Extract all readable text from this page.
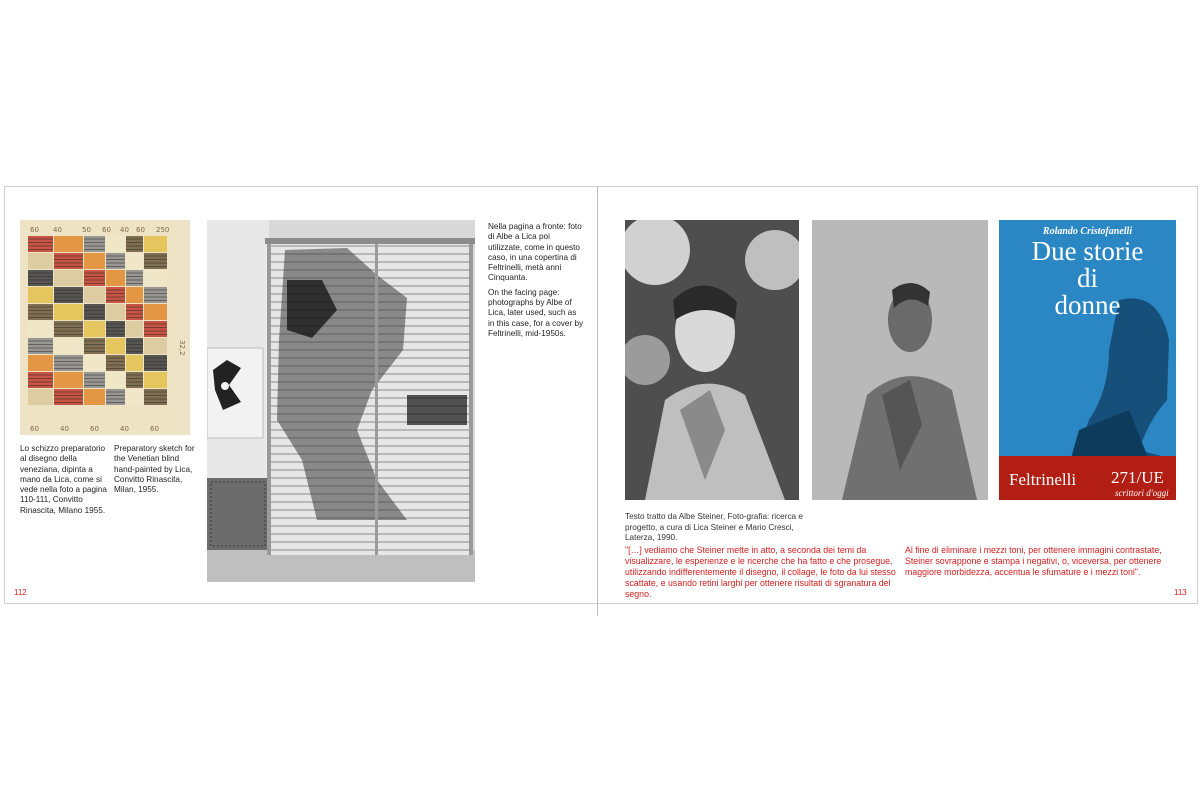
60 40	50 60 40 60 250
32,2
60	40	60	40	60

Lo schizzo preparatorio al disegno della veneziana, dipinta a mano da Lica, come si vede nella foto a pagina 110-111, Convitto Rinascita, Milano 1955.

Preparatory sketch for the Venetian blind hand-painted by Lica, Convitto Rinascita, Milan, 1955.

Nella pagina a fronte: foto di Albe a Lica poi utilizzate, come in questo caso, in una copertina di Feltrinelli, metà anni Cinquanta.

On the facing page: photographs by Albe of Lica, later used, such as in this case, for a cover by Feltrinelli, mid-1950s.

112
Rolando Cristofanelli
Due storie
di
donne
Feltrinelli 271/UE
scrittori d'oggi
Testo tratto da Albe Steiner, Foto-grafia: ricerca e progetto, a cura di Lica Steiner e Mario Cresci, Laterza, 1990.
"[…] vediamo che Steiner mette in atto, a seconda dei temi da visualizzare, le esperienze e le ricerche che ha fatto e che prosegue, utilizzando indifferentemente il disegno, il collage, le foto da lui stesso scattate, e usando retini larghi per ottenere risultati di sgranatura del segno.
Al fine di eliminare i mezzi toni, per ottenere immagini contrastate, Steiner sovrappone e stampa i negativi, o, viceversa, per ottenere maggiore morbidezza, accentua le sfumature e i mezzi toni".
113
